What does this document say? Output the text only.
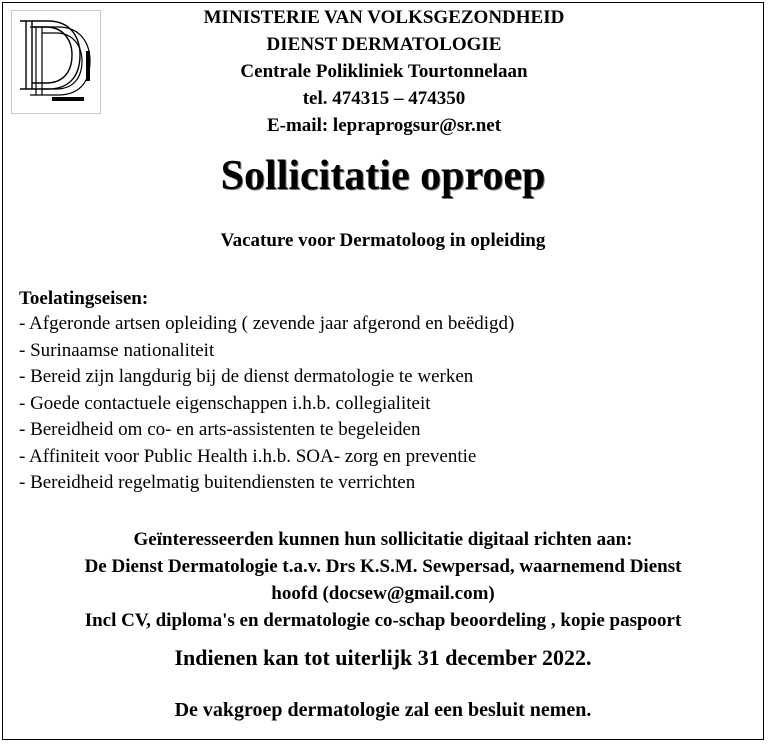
MINISTERIE VAN VOLKSGEZONDHEID
DIENST DERMATOLOGIE
Centrale Polikliniek Tourtonnelaan
tel. 474315 – 474350
E-mail: lepraprogsur@sr.net
Sollicitatie oproep
Vacature voor Dermatoloog in opleiding
Toelatingseisen:
- Afgeronde artsen opleiding ( zevende jaar afgerond en beëdigd)
- Surinaamse nationaliteit
- Bereid zijn langdurig bij de dienst dermatologie te werken
- Goede contactuele eigenschappen i.h.b. collegialiteit
- Bereidheid om co- en arts-assistenten te begeleiden
- Affiniteit voor Public Health i.h.b. SOA- zorg en preventie
- Bereidheid regelmatig buitendiensten te verrichten
Geïnteresseerden kunnen hun sollicitatie digitaal richten aan:
De Dienst Dermatologie t.a.v. Drs K.S.M. Sewpersad, waarnemend Dienst
hoofd (docsew@gmail.com)
Incl CV, diploma's en dermatologie co-schap beoordeling , kopie paspoort
Indienen kan tot uiterlijk 31 december 2022.
De vakgroep dermatologie zal een besluit nemen.
